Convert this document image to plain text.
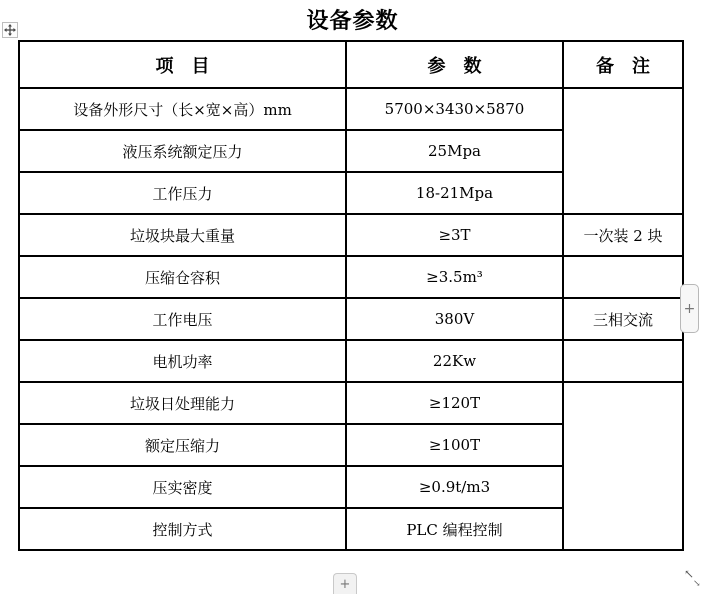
设备参数
项　目	参　数	备　注
设备外形尺寸（长×宽×高）mm	5700×3430×5870	
液压系统额定压力	25Mpa	
工作压力	18-21Mpa	
垃圾块最大重量	≥3T	一次装 2 块
压缩仓容积	≥3.5m³	
工作电压	380V	三相交流
电机功率	22Kw	
垃圾日处理能力	≥120T	
额定压缩力	≥100T	
压实密度	≥0.9t/m3	
控制方式	PLC 编程控制	
+
+
↖
↘
